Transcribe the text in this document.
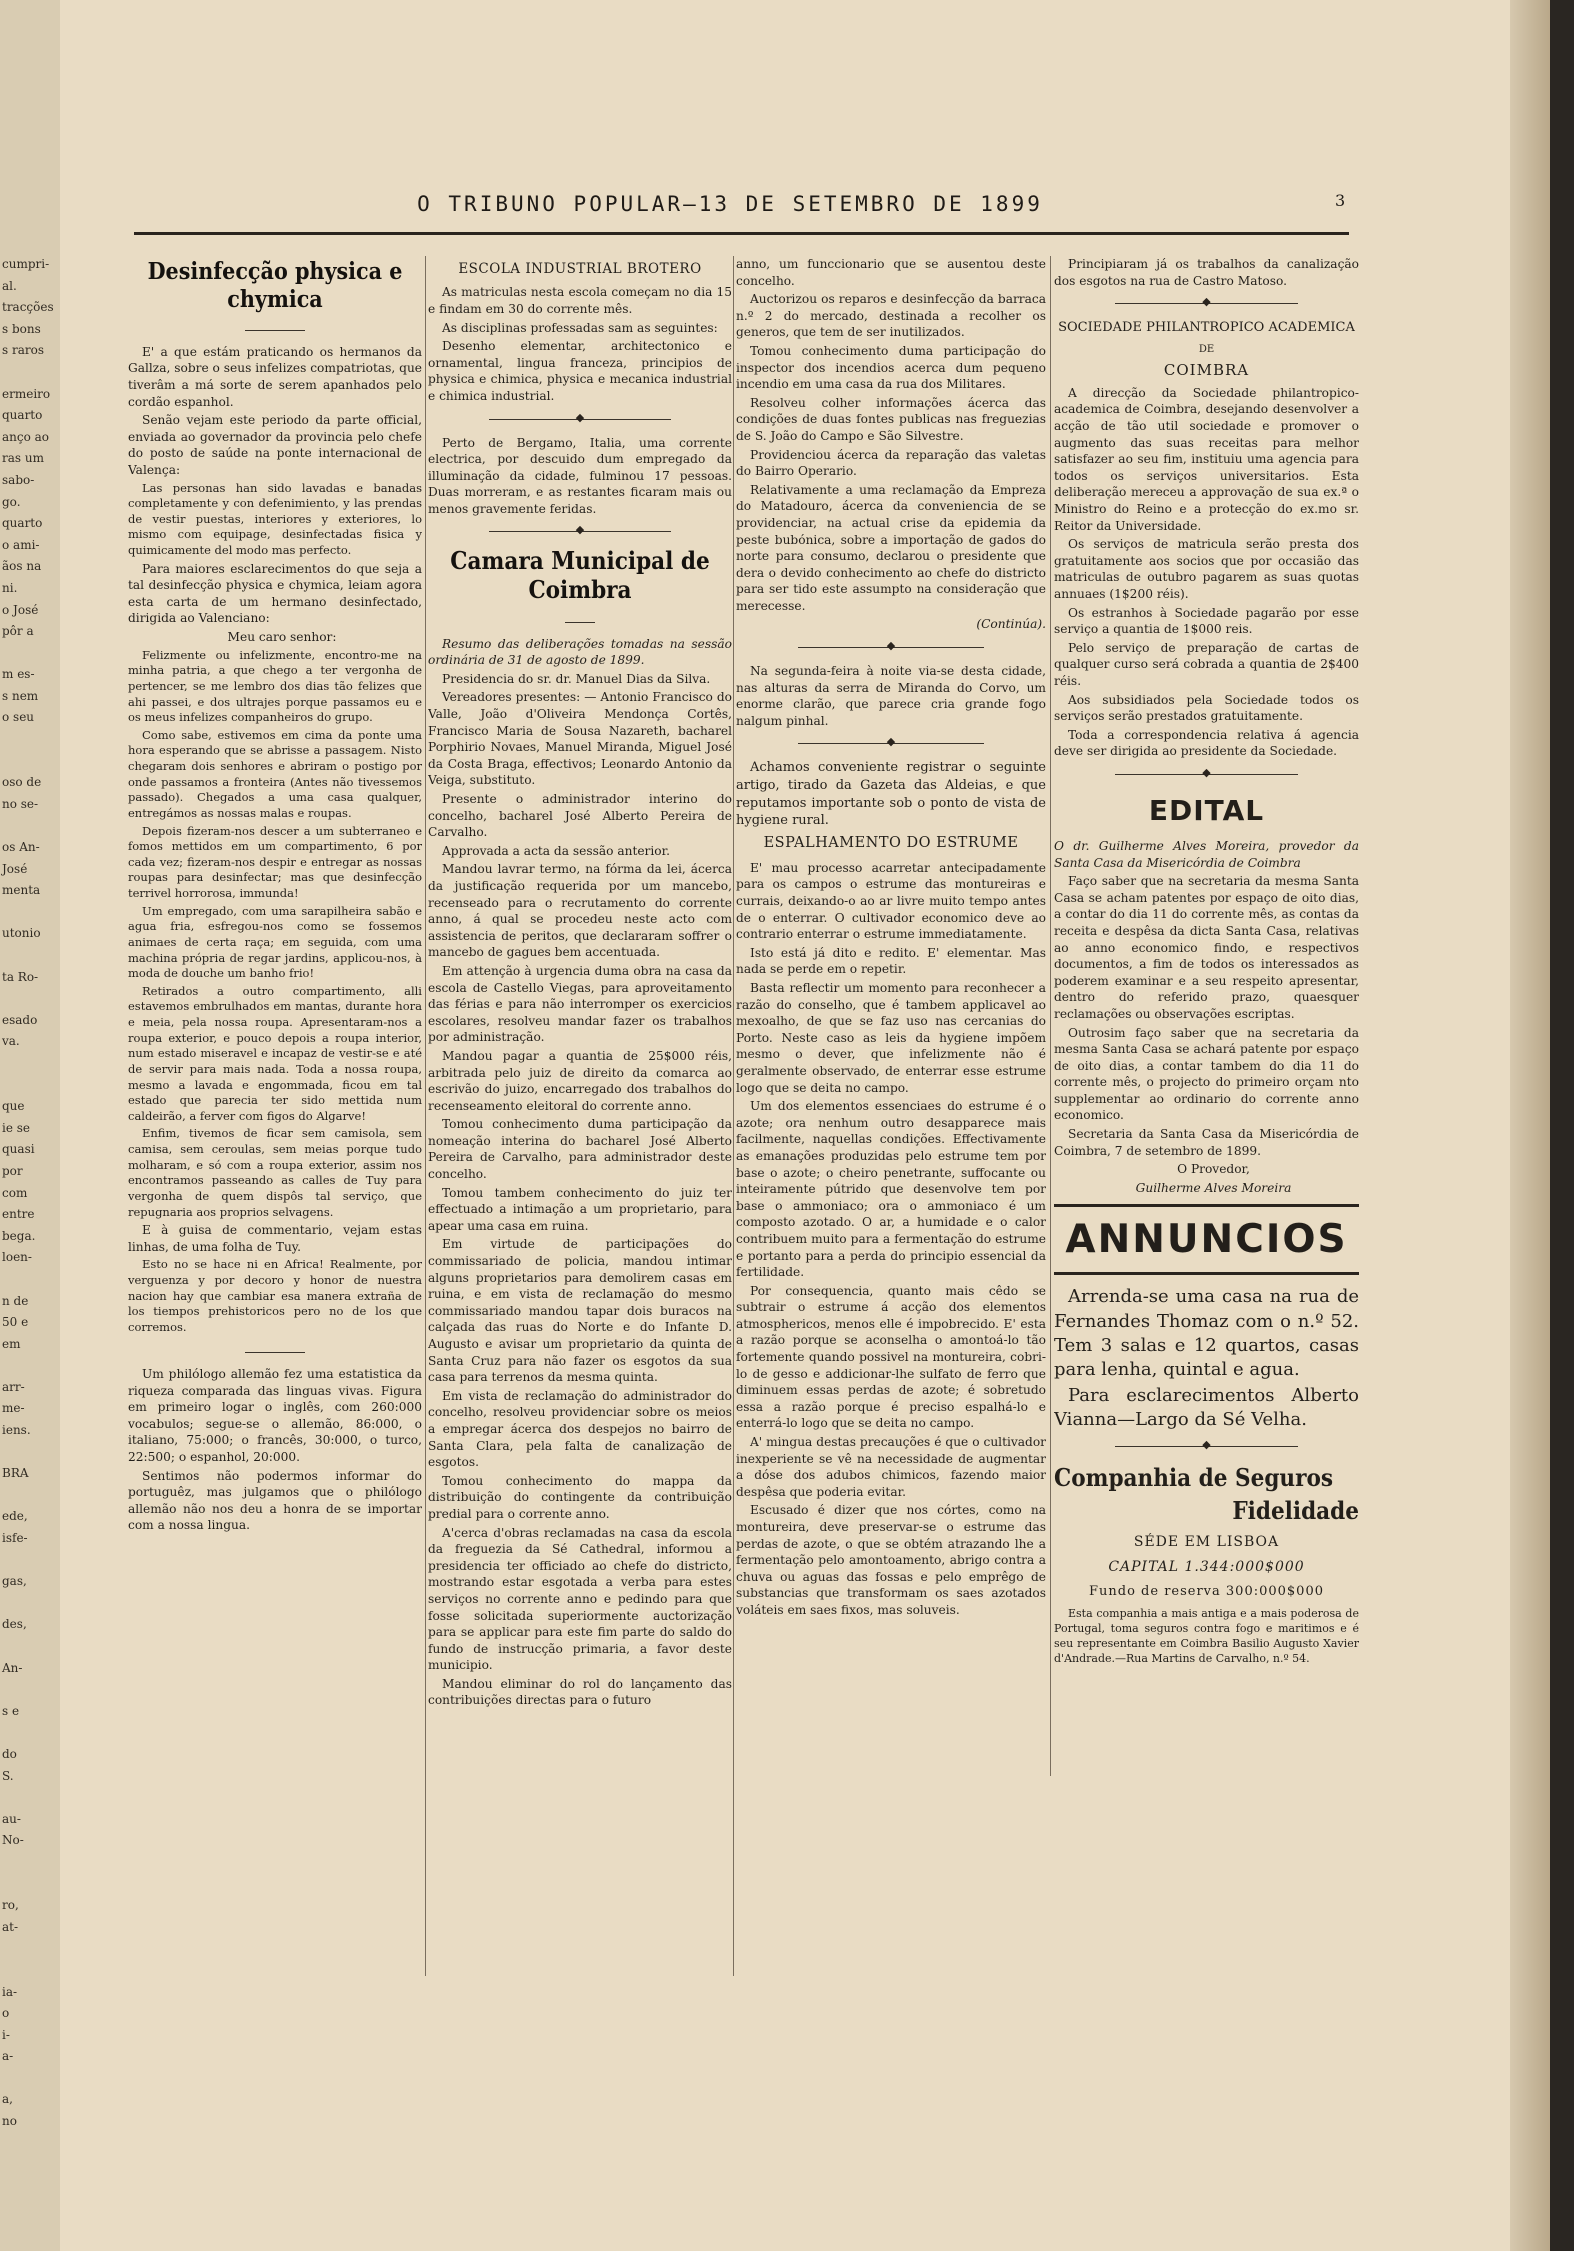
cumpri-
al.
tracções
s bons
s raros

ermeiro
quarto
anço ao
ras um
sabo-
go.
quarto
o ami-
ãos na
ni.
o José
pôr a

m es-
s nem
o seu

oso de
no se-

os An-
José
menta

utonio

ta Ro-

esado
va.

que
ie se
quasi
por
com
entre
bega.
loen-

n de
50 e
em

arr-
me-
iens.

BRA

ede,
isfe-

gas,

des,

An-

s e

do
S.

au-
No-

ro,
at-

ia-
o
i-
a-

a,
no
O TRIBUNO POPULAR—13 DE SETEMBRO DE 1899	3
Desinfecção physica e chymica

E' a que estám praticando os hermanos da Gallza, sobre o seus infelizes compatriotas, que tiverâm a má sorte de serem apanhados pelo cordão espanhol.

Senão vejam este periodo da parte official, enviada ao governador da provincia pelo chefe do posto de saúde na ponte internacional de Valença:

Las personas han sido lavadas e banadas completamente y con defenimiento, y las prendas de vestir puestas, interiores y exteriores, lo mismo com equipage, desinfectadas fisica y quimicamente del modo mas perfecto.

Para maiores esclarecimentos do que seja a tal desinfecção physica e chymica, leiam agora esta carta de um hermano desinfectado, dirigida ao Valenciano:

Meu caro senhor:

Felizmente ou infelizmente, encontro-me na minha patria, a que chego a ter vergonha de pertencer, se me lembro dos dias tão felizes que ahi passei, e dos ultrajes porque passamos eu e os meus infelizes companheiros do grupo.

Como sabe, estivemos em cima da ponte uma hora esperando que se abrisse a passagem. Nisto chegaram dois senhores e abriram o postigo por onde passamos a fronteira (Antes não tivessemos passado). Chegados a uma casa qualquer, entregámos as nossas malas e roupas.

Depois fizeram-nos descer a um subterraneo e fomos mettidos em um compartimento, 6 por cada vez; fizeram-nos despir e entregar as nossas roupas para desinfectar; mas que desinfecção terrivel horrorosa, immunda!

Um empregado, com uma sarapilheira sabão e agua fria, esfregou-nos como se fossemos animaes de certa raça; em seguida, com uma machina própria de regar jardins, applicou-nos, à moda de douche um banho frio!

Retirados a outro compartimento, alli estavemos embrulhados em mantas, durante hora e meia, pela nossa roupa. Apresentaram-nos a roupa exterior, e pouco depois a roupa interior, num estado miseravel e incapaz de vestir-se e até de servir para mais nada. Toda a nossa roupa, mesmo a lavada e engommada, ficou em tal estado que parecia ter sido mettida num caldeirão, a ferver com figos do Algarve!

Enfim, tivemos de ficar sem camisola, sem camisa, sem ceroulas, sem meias porque tudo molharam, e só com a roupa exterior, assim nos encontramos passeando as calles de Tuy para vergonha de quem dispôs tal serviço, que repugnaria aos proprios selvagens.

E à guisa de commentario, vejam estas linhas, de uma folha de Tuy.

Esto no se hace ni en Africa! Realmente, por verguenza y por decoro y honor de nuestra nacion hay que cambiar esa manera extraña de los tiempos prehistoricos pero no de los que corremos.

Um philólogo allemão fez uma estatistica da riqueza comparada das linguas vivas. Figura em primeiro logar o inglês, com 260:000 vocabulos; segue-se o allemão, 86:000, o italiano, 75:000; o francês, 30:000, o turco, 22:500; o espanhol, 20:000.

Sentimos não podermos informar do portuguêz, mas julgamos que o philólogo allemão não nos deu a honra de se importar com a nossa lingua.

ESCOLA INDUSTRIAL BROTERO

As matriculas nesta escola começam no dia 15 e findam em 30 do corrente mês.

As disciplinas professadas sam as seguintes:

Desenho elementar, architectonico e ornamental, lingua franceza, principios de physica e chimica, physica e mecanica industrial e chimica industrial.

◆

Perto de Bergamo, Italia, uma corrente electrica, por descuido dum empregado da illuminação da cidade, fulminou 17 pessoas. Duas morreram, e as restantes ficaram mais ou menos gravemente feridas.

◆
Camara Municipal de Coimbra

Resumo das deliberações tomadas na sessão ordinária de 31 de agosto de 1899.

Presidencia do sr. dr. Manuel Dias da Silva.

Vereadores presentes: — Antonio Francisco do Valle, João d'Oliveira Mendonça Cortês, Francisco Maria de Sousa Nazareth, bacharel Porphirio Novaes, Manuel Miranda, Miguel José da Costa Braga, effectivos; Leonardo Antonio da Veiga, substituto.

Presente o administrador interino do concelho, bacharel José Alberto Pereira de Carvalho.

Approvada a acta da sessão anterior.

Mandou lavrar termo, na fórma da lei, ácerca da justificação requerida por um mancebo, recenseado para o recrutamento do corrente anno, á qual se procedeu neste acto com assistencia de peritos, que declararam soffrer o mancebo de gagues bem accentuada.

Em attenção à urgencia duma obra na casa da escola de Castello Viegas, para aproveitamento das férias e para não interromper os exercicios escolares, resolveu mandar fazer os trabalhos por administração.

Mandou pagar a quantia de 25$000 réis, arbitrada pelo juiz de direito da comarca ao escrivão do juizo, encarregado dos trabalhos do recenseamento eleitoral do corrente anno.

Tomou conhecimento duma participação da nomeação interina do bacharel José Alberto Pereira de Carvalho, para administrador deste concelho.

Tomou tambem conhecimento do juiz ter effectuado a intimação a um proprietario, para apear uma casa em ruina.

Em virtude de participações do commissariado de policia, mandou intimar alguns proprietarios para demolirem casas em ruina, e em vista de reclamação do mesmo commissariado mandou tapar dois buracos na calçada das ruas do Norte e do Infante D. Augusto e avisar um proprietario da quinta de Santa Cruz para não fazer os esgotos da sua casa para terrenos da mesma quinta.

Em vista de reclamação do administrador do concelho, resolveu providenciar sobre os meios a empregar ácerca dos despejos no bairro de Santa Clara, pela falta de canalização de esgotos.

Tomou conhecimento do mappa da distribuição do contingente da contribuição predial para o corrente anno.

A'cerca d'obras reclamadas na casa da escola da freguezia da Sé Cathedral, informou a presidencia ter officiado ao chefe do districto, mostrando estar esgotada a verba para estes serviços no corrente anno e pedindo para que fosse solicitada superiormente auctorização para se applicar para este fim parte do saldo do fundo de instrucção primaria, a favor deste municipio.

Mandou eliminar do rol do lançamento das contribuições directas para o futuro

anno, um funccionario que se ausentou deste concelho.

Auctorizou os reparos e desinfecção da barraca n.º 2 do mercado, destinada a recolher os generos, que tem de ser inutilizados.

Tomou conhecimento duma participação do inspector dos incendios acerca dum pequeno incendio em uma casa da rua dos Militares.

Resolveu colher informações ácerca das condições de duas fontes publicas nas freguezias de S. João do Campo e São Silvestre.

Providenciou ácerca da reparação das valetas do Bairro Operario.

Relativamente a uma reclamação da Empreza do Matadouro, ácerca da conveniencia de se providenciar, na actual crise da epidemia da peste bubónica, sobre a importação de gados do norte para consumo, declarou o presidente que dera o devido conhecimento ao chefe do districto para ser tido este assumpto na consideração que merecesse.

(Continúa).

◆

Na segunda-feira à noite via-se desta cidade, nas alturas da serra de Miranda do Corvo, um enorme clarão, que parece cria grande fogo nalgum pinhal.

◆

Achamos conveniente registrar o seguinte artigo, tirado da Gazeta das Aldeias, e que reputamos importante sob o ponto de vista de hygiene rural.

ESPALHAMENTO DO ESTRUME

E' mau processo acarretar antecipadamente para os campos o estrume das montureiras e currais, deixando-o ao ar livre muito tempo antes de o enterrar. O cultivador economico deve ao contrario enterrar o estrume immediatamente.

Isto está já dito e redito. E' elementar. Mas nada se perde em o repetir.

Basta reflectir um momento para reconhecer a razão do conselho, que é tambem applicavel ao mexoalho, de que se faz uso nas cercanias do Porto. Neste caso as leis da hygiene impõem mesmo o dever, que infelizmente não é geralmente observado, de enterrar esse estrume logo que se deita no campo.

Um dos elementos essenciaes do estrume é o azote; ora nenhum outro desapparece mais facilmente, naquellas condições. Effectivamente as emanações produzidas pelo estrume tem por base o azote; o cheiro penetrante, suffocante ou inteiramente pútrido que desenvolve tem por base o ammoniaco; ora o ammoniaco é um composto azotado. O ar, a humidade e o calor contribuem muito para a fermentação do estrume e portanto para a perda do principio essencial da fertilidade.

Por consequencia, quanto mais cêdo se subtrair o estrume á acção dos elementos atmosphericos, menos elle é impobrecido. E' esta a razão porque se aconselha o amontoá-lo tão fortemente quando possivel na montureira, cobri-lo de gesso e addicionar-lhe sulfato de ferro que diminuem essas perdas de azote; é sobretudo essa a razão porque é preciso espalhá-lo e enterrá-lo logo que se deita no campo.

A' mingua destas precauções é que o cultivador inexperiente se vê na necessidade de augmentar a dóse dos adubos chimicos, fazendo maior despêsa que poderia evitar.

Escusado é dizer que nos córtes, como na montureira, deve preservar-se o estrume das perdas de azote, o que se obtém atrazando lhe a fermentação pelo amontoamento, abrigo contra a chuva ou aguas das fossas e pelo emprêgo de substancias que transformam os saes azotados voláteis em saes fixos, mas soluveis.

Principiaram já os trabalhos da canalização dos esgotos na rua de Castro Matoso.

◆
SOCIEDADE PHILANTROPICO ACADEMICA
DE
COIMBRA

A direcção da Sociedade philantropico-academica de Coimbra, desejando desenvolver a acção de tão util sociedade e promover o augmento das suas receitas para melhor satisfazer ao seu fim, instituiu uma agencia para todos os serviços universitarios. Esta deliberação mereceu a approvação de sua ex.ª o Ministro do Reino e a protecção do ex.mo sr. Reitor da Universidade.

Os serviços de matricula serão presta dos gratuitamente aos socios que por occasião das matriculas de outubro pagarem as suas quotas annuaes (1$200 réis).

Os estranhos à Sociedade pagarão por esse serviço a quantia de 1$000 reis.

Pelo serviço de preparação de cartas de qualquer curso será cobrada a quantia de 2$400 réis.

Aos subsidiados pela Sociedade todos os serviços serão prestados gratuitamente.

Toda a correspondencia relativa á agencia deve ser dirigida ao presidente da Sociedade.

◆
EDITAL

O dr. Guilherme Alves Moreira, provedor da Santa Casa da Misericórdia de Coimbra

Faço saber que na secretaria da mesma Santa Casa se acham patentes por espaço de oito dias, a contar do dia 11 do corrente mês, as contas da receita e despêsa da dicta Santa Casa, relativas ao anno economico findo, e respectivos documentos, a fim de todos os interessados as poderem examinar e a seu respeito apresentar, dentro do referido prazo, quaesquer reclamações ou observações escriptas.

Outrosim faço saber que na secretaria da mesma Santa Casa se achará patente por espaço de oito dias, a contar tambem do dia 11 do corrente mês, o projecto do primeiro orçam nto supplementar ao ordinario do corrente anno economico.

Secretaria da Santa Casa da Misericórdia de Coimbra, 7 de setembro de 1899.

O Provedor,

Guilherme Alves Moreira

ANNUNCIOS

Arrenda-se uma casa na rua de Fernandes Thomaz com o n.º 52. Tem 3 salas e 12 quartos, casas para lenha, quintal e agua.

Para esclarecimentos Alberto Vianna—Largo da Sé Velha.

◆
Companhia de Seguros
Fidelidade
SÉDE EM LISBOA
CAPITAL 1.344:000$000
Fundo de reserva 300:000$000

Esta companhia a mais antiga e a mais poderosa de Portugal, toma seguros contra fogo e maritimos e é seu representante em Coimbra Basilio Augusto Xavier d'Andrade.—Rua Martins de Carvalho, n.º 54.
